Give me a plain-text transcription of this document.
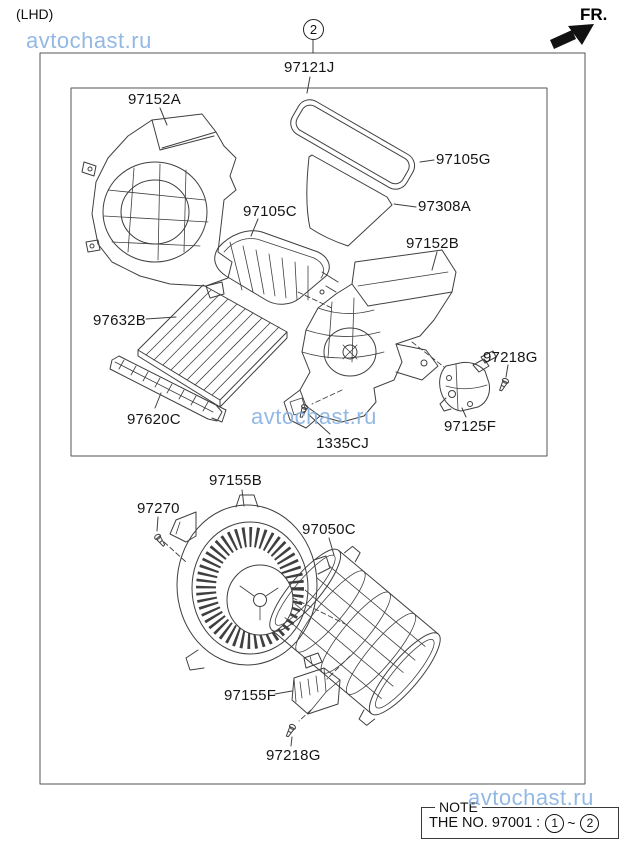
(LHD)	FR.
2
avtochast.ru
avtochast.ru
avtochast.ru
97121J
97152A
97105G
97308A
97105C
97152B
97632B
97620C
97218G
97125F
1335CJ
97155B
97270
97050C
97155F
97218G
NOTE
THE NO. 97001 : 1 ~ 2
